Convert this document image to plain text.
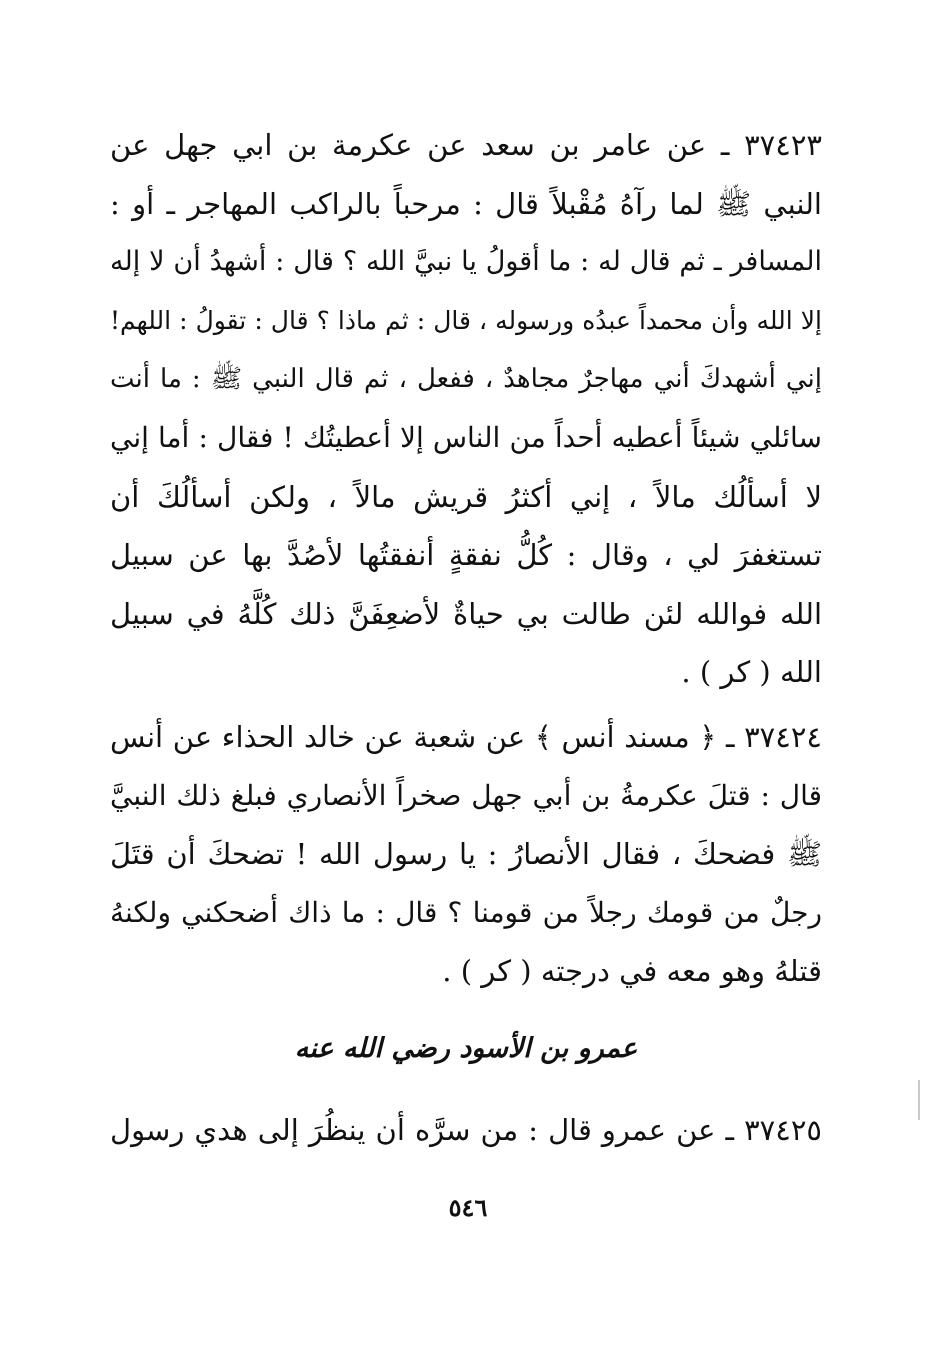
٣٧٤٢٣ ـ عن عامر بن سعد عن عكرمة بن ابي جهل عن
النبي ﷺ لما رآهُ مُقْبلاً قال : مرحباً بالراكب المهاجر ـ أو :
المسافر ـ ثم قال له : ما أقولُ يا نبيَّ الله ؟ قال : أشهدُ أن لا إله
إلا الله وأن محمداً عبدُه ورسوله ، قال : ثم ماذا ؟ قال : تقولُ : اللهم!
إني أشهدكَ أني مهاجرٌ مجاهدٌ ، ففعل ، ثم قال النبي ﷺ : ما أنت
سائلي شيئاً أعطيه أحداً من الناس إلا أعطيتُك ! فقال : أما إني
لا أسألُك مالاً ، إني أكثرُ قريش مالاً ، ولكن أسألُكَ أن
تستغفرَ لي ، وقال : كُلُّ نفقةٍ أنفقتُها لأصُدَّ بها عن سبيل
الله فوالله لئن طالت بي حياةٌ لأضعِفَنَّ ذلك كُلَّهُ في سبيل
الله ( كر ) .
٣٧٤٢٤ ـ ﴿ مسند أنس ﴾ عن شعبة عن خالد الحذاء عن أنس
قال : قتلَ عكرمةُ بن أبي جهل صخراً الأنصاري فبلغ ذلك النبيَّ
ﷺ فضحكَ ، فقال الأنصارُ : يا رسول الله ! تضحكَ أن قتَلَ
رجلٌ من قومك رجلاً من قومنا ؟ قال : ما ذاك أضحكني ولكنهُ
قتلهُ وهو معه في درجته ( كر ) .
عمرو بن الأسود رضي الله عنه
٣٧٤٢٥ ـ عن عمرو قال : من سرَّه أن ينظُرَ إلى هدي رسول
٥٤٦
